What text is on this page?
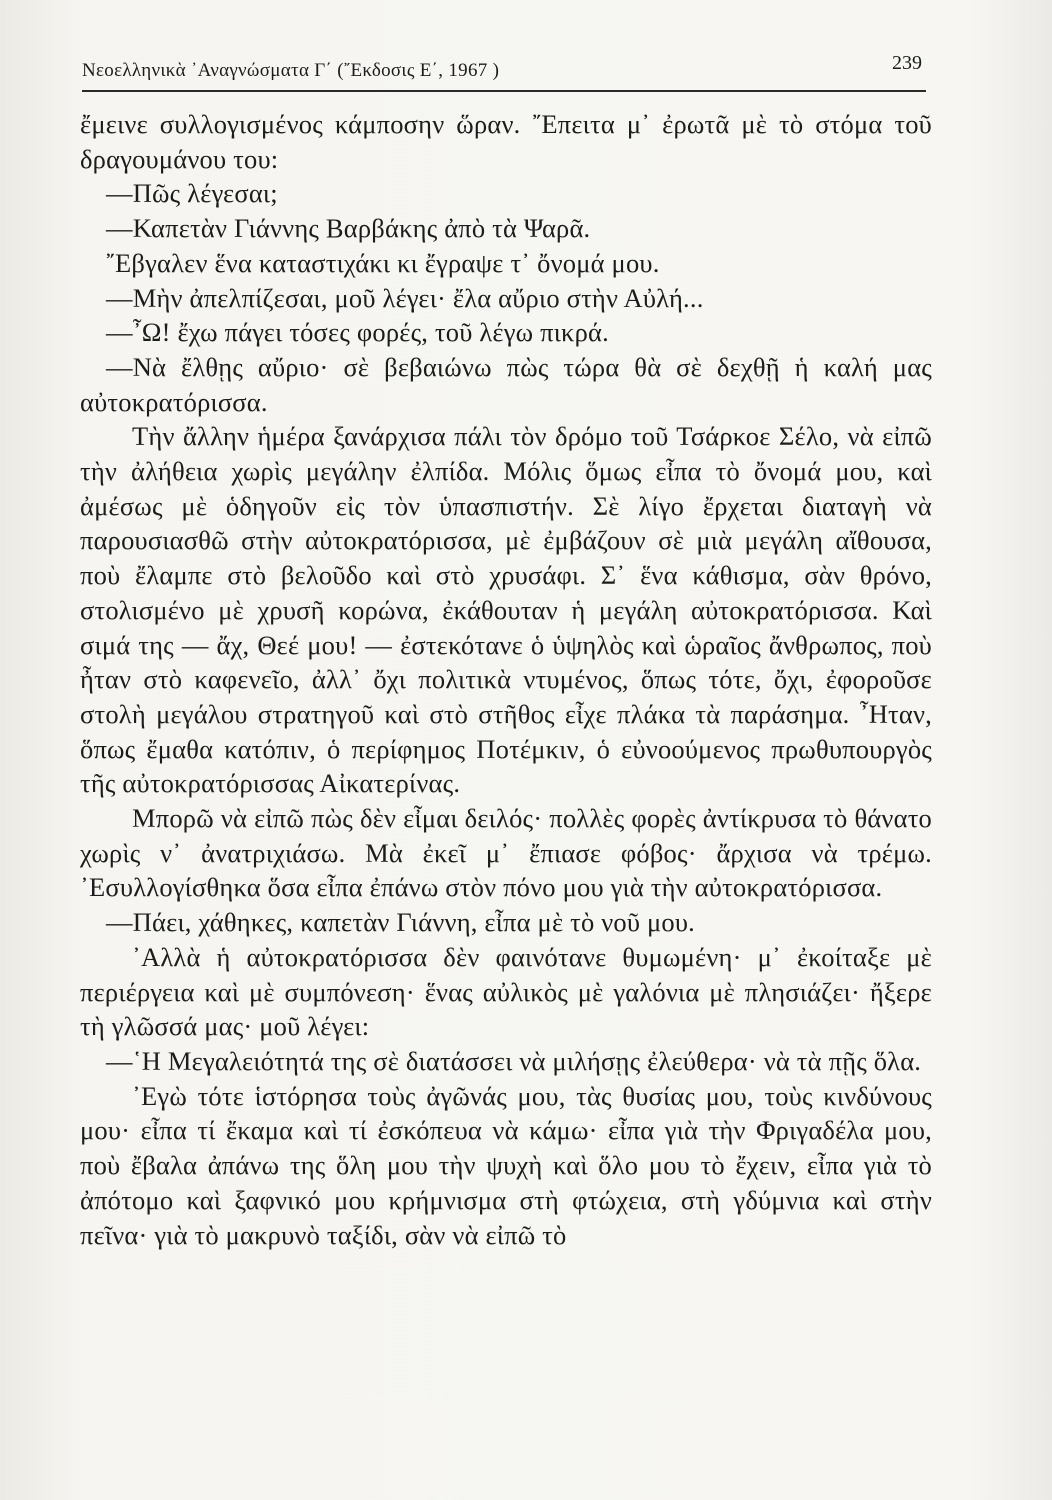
Νεοελληνικὰ ᾿Αναγνώσματα Γ΄ (῎Εκδοσις Ε΄, 1967 )	239

ἔμεινε συλλογισμένος κάμποσην ὥραν. ῎Επειτα μ᾿ ἐρωτᾶ μὲ τὸ στόμα τοῦ δραγουμάνου του:

—Πῶς λέγεσαι;

—Καπετὰν Γιάννης Βαρβάκης ἀπὸ τὰ Ψαρᾶ.

῎Εβγαλεν ἕνα καταστιχάκι κι ἔγραψε τ᾿ ὄνομά μου.

—Μὴν ἀπελπίζεσαι, μοῦ λέγει· ἔλα αὔριο στὴν Αὐλή...

—῏Ω! ἔχω πάγει τόσες φορές, τοῦ λέγω πικρά.

—Νὰ ἔλθῃς αὔριο· σὲ βεβαιώνω πὼς τώρα θὰ σὲ δεχθῇ ἡ καλή μας αὐτοκρατόρισσα.

Τὴν ἄλλην ἡμέρα ξανάρχισα πάλι τὸν δρόμο τοῦ Τσάρκοε Σέλο, νὰ εἰπῶ τὴν ἀλήθεια χωρὶς μεγάλην ἐλπίδα. Μόλις ὅμως εἶπα τὸ ὄνομά μου, καὶ ἀμέσως μὲ ὁδηγοῦν εἰς τὸν ὑπασπιστήν. Σὲ λίγο ἔρχεται διαταγὴ νὰ παρουσιασθῶ στὴν αὐτοκρατόρισσα, μὲ ἐμβάζουν σὲ μιὰ μεγάλη αἴθουσα, ποὺ ἔλαμπε στὸ βελοῦδο καὶ στὸ χρυσάφι. Σ᾿ ἕνα κάθισμα, σὰν θρόνο, στολισμένο μὲ χρυσῆ κορώνα, ἐκάθουταν ἡ μεγάλη αὐτοκρατόρισσα. Καὶ σιμά της — ἄχ, Θεέ μου! — ἐστεκότανε ὁ ὑψηλὸς καὶ ὡραῖος ἄνθρωπος, ποὺ ἦταν στὸ καφενεῖο, ἀλλ᾿ ὄχι πολιτικὰ ντυμένος, ὅπως τότε, ὄχι, ἐφοροῦσε στολὴ μεγάλου στρατηγοῦ καὶ στὸ στῆθος εἶχε πλάκα τὰ παράσημα. ῏Ηταν, ὅπως ἔμαθα κατόπιν, ὁ περίφημος Ποτέμκιν, ὁ εὐνοούμενος πρωθυπουργὸς τῆς αὐτοκρατόρισσας Αἰκατερίνας.

Μπορῶ νὰ εἰπῶ πὼς δὲν εἶμαι δειλός· πολλὲς φορὲς ἀντίκρυσα τὸ θάνατο χωρὶς ν᾿ ἀνατριχιάσω. Μὰ ἐκεῖ μ᾿ ἔπιασε φόβος· ἄρχισα νὰ τρέμω. ᾿Εσυλλογίσθηκα ὅσα εἶπα ἐπάνω στὸν πόνο μου γιὰ τὴν αὐτοκρατόρισσα.

—Πάει, χάθηκες, καπετὰν Γιάννη, εἶπα μὲ τὸ νοῦ μου.

᾿Αλλὰ ἡ αὐτοκρατόρισσα δὲν φαινότανε θυμωμένη· μ᾿ ἐκοίταξε μὲ περιέργεια καὶ μὲ συμπόνεση· ἕνας αὐλικὸς μὲ γαλόνια μὲ πλησιάζει· ἤξερε τὴ γλῶσσά μας· μοῦ λέγει:

—῾Η Μεγαλειότητά της σὲ διατάσσει νὰ μιλήσῃς ἐλεύθερα· νὰ τὰ πῇς ὅλα.

᾿Εγὼ τότε ἱστόρησα τοὺς ἀγῶνάς μου, τὰς θυσίας μου, τοὺς κινδύνους μου· εἶπα τί ἔκαμα καὶ τί ἐσκόπευα νὰ κάμω· εἶπα γιὰ τὴν Φριγαδέλα μου, ποὺ ἔβαλα ἀπάνω της ὅλη μου τὴν ψυχὴ καὶ ὅλο μου τὸ ἔχειν, εἶπα γιὰ τὸ ἀπότομο καὶ ξαφνικό μου κρήμνισμα στὴ φτώχεια, στὴ γδύμνια καὶ στὴν πεῖνα· γιὰ τὸ μακρυνὸ ταξίδι, σὰν νὰ εἰπῶ τὸ
